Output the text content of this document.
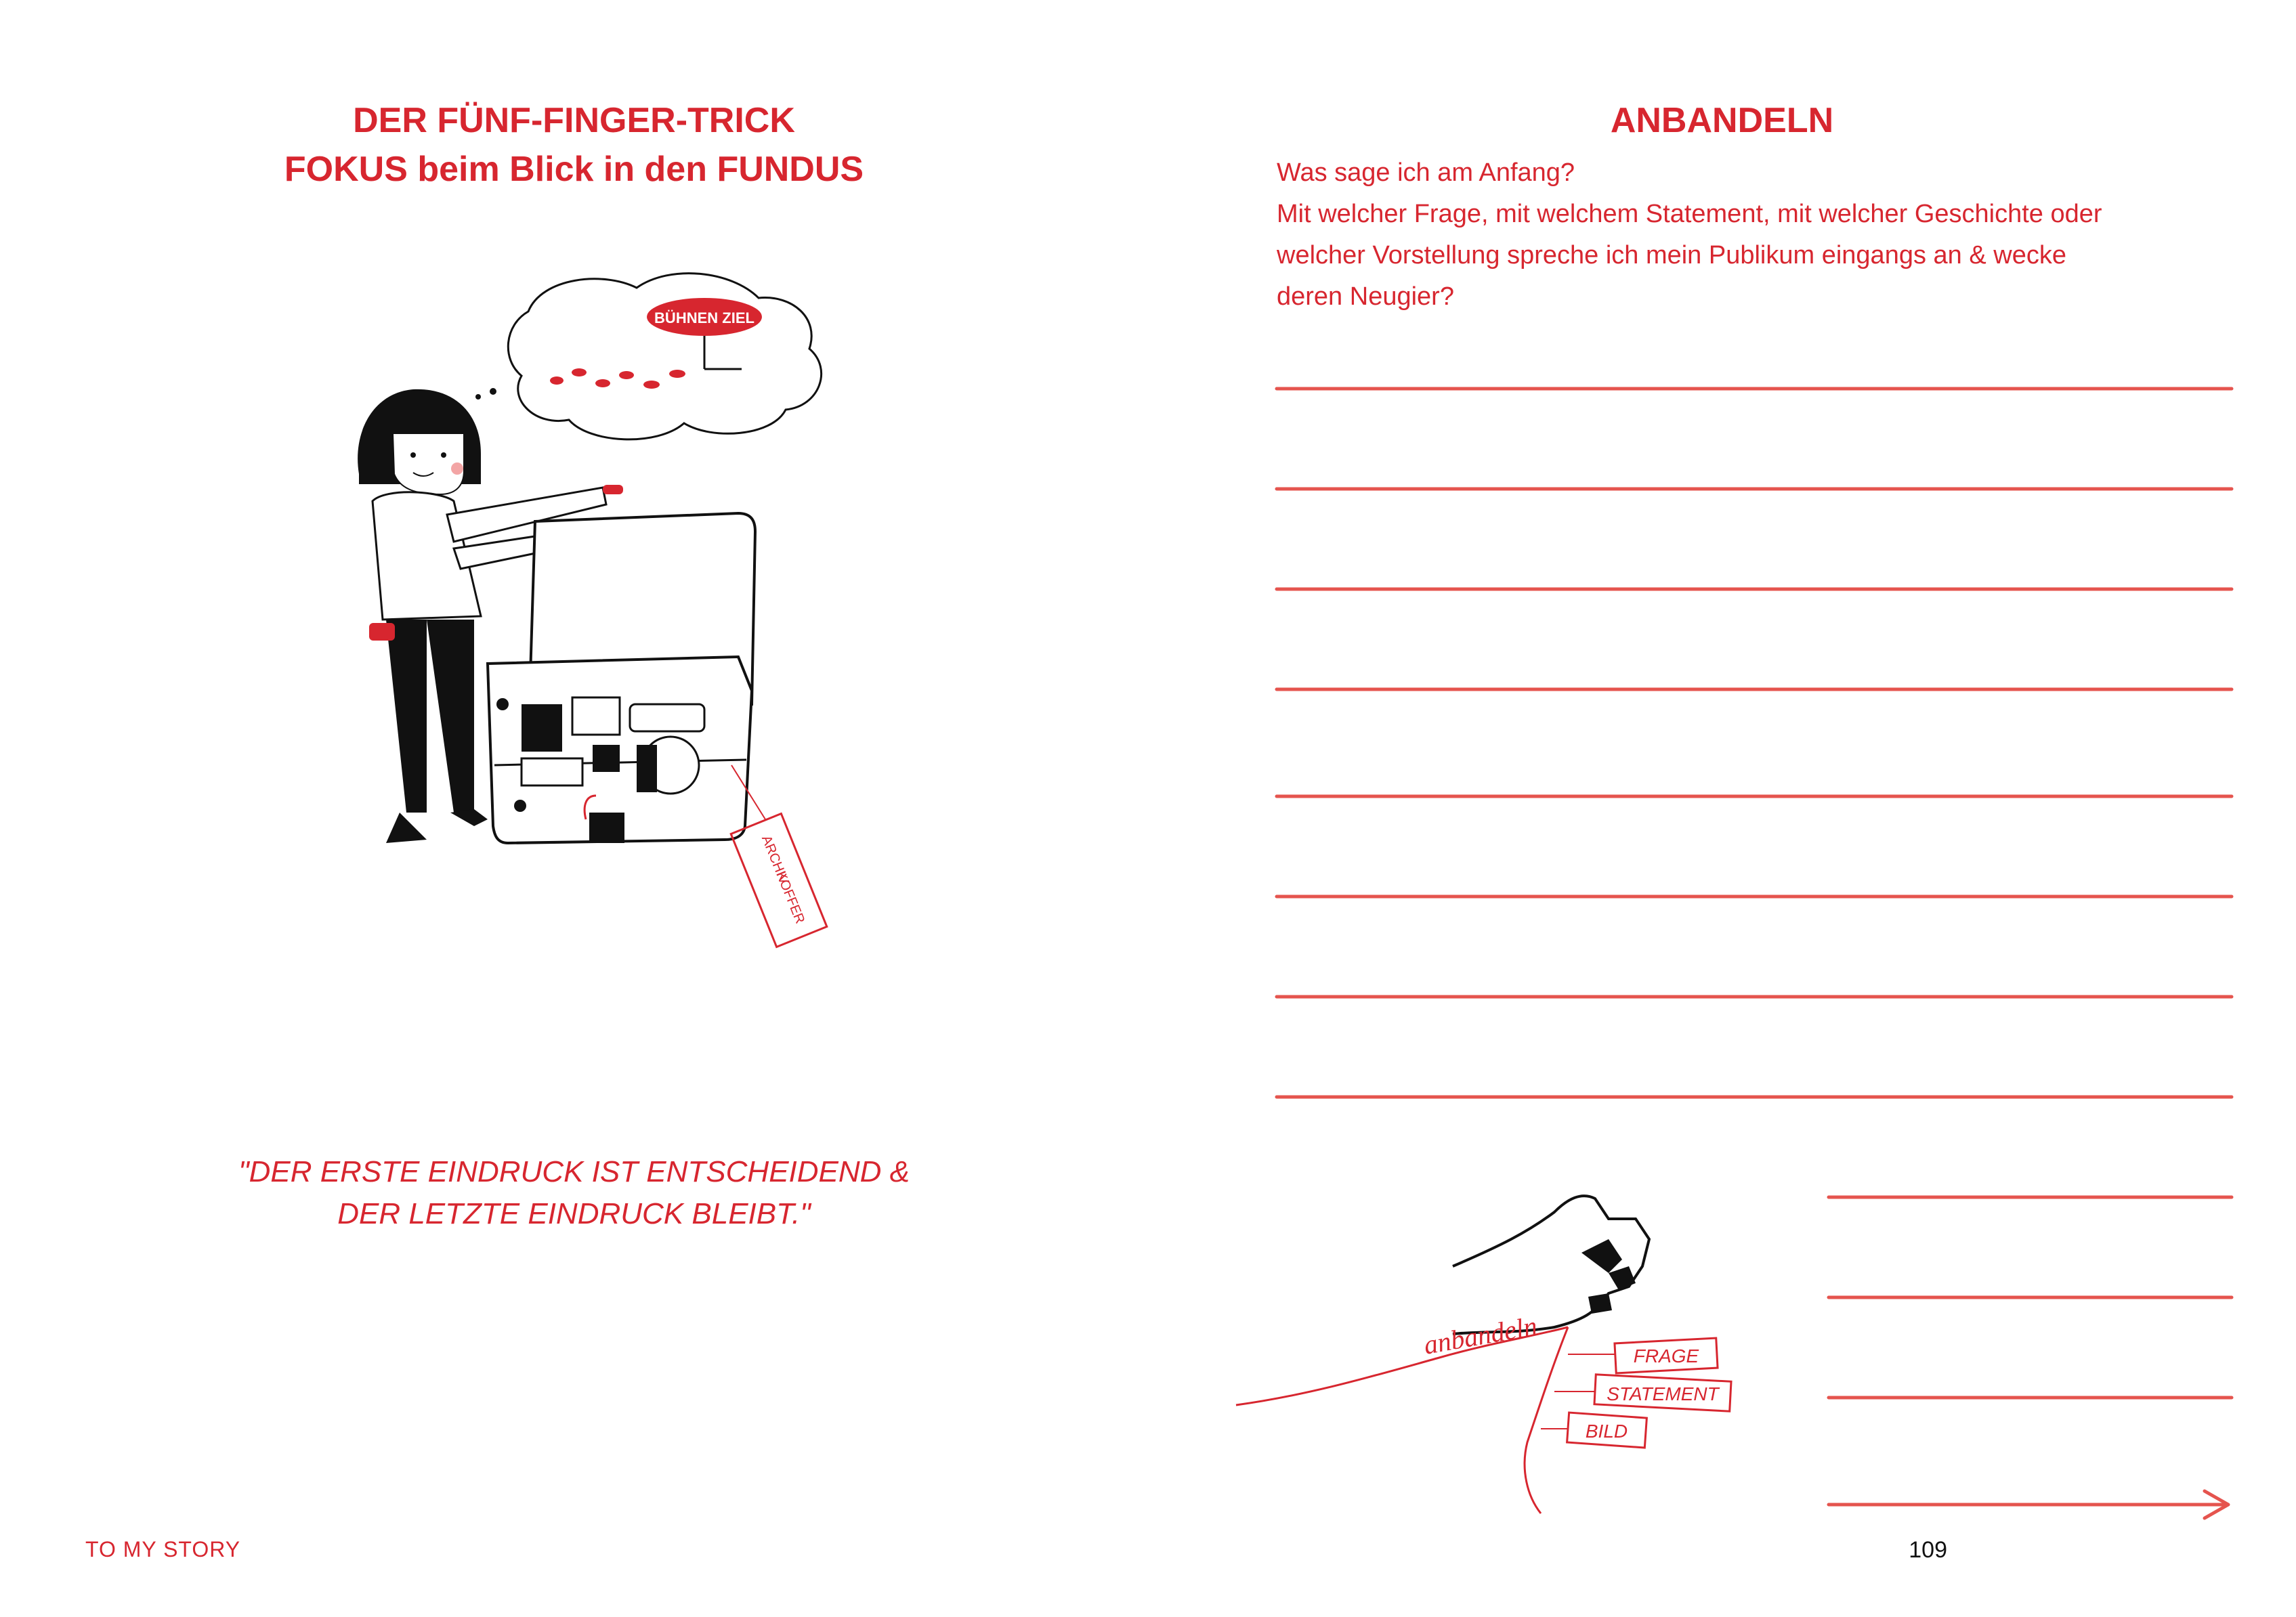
DER FÜNF-FINGER-TRICK
FOKUS beim Blick in den FUNDUS
BÜHNEN ZIEL
ARCHIV
KOFFER
"DER ERSTE EINDRUCK IST ENTSCHEIDEND &
DER LETZTE EINDRUCK BLEIBT."
TO MY STORY
ANBANDELN
Was sage ich am Anfang?
Mit welcher Frage, mit welchem Statement, mit welcher Geschichte oder
welcher Vorstellung spreche ich mein Publikum eingangs an & wecke
deren Neugier?
anbandeln	FRAGE
STATEMENT
BILD
109
